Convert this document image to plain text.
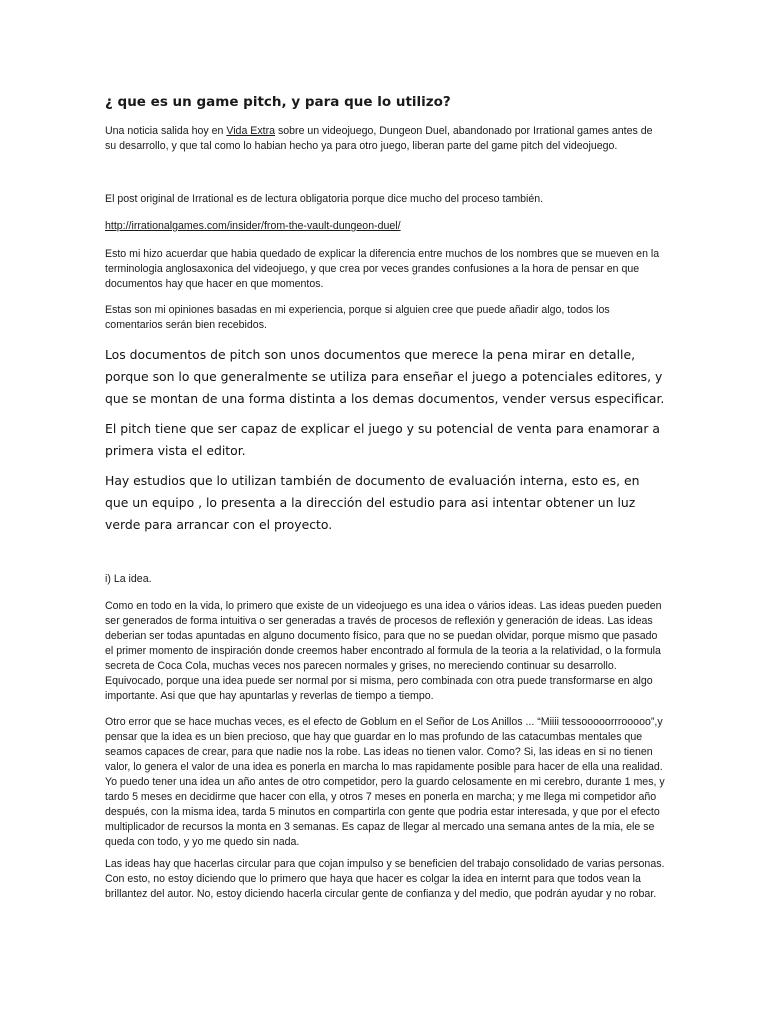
¿ que es un game pitch, y para que lo utilizo?

Una noticia salida hoy en Vida Extra sobre un videojuego, Dungeon Duel, abandonado por Irrational games antes de su desarrollo, y que tal como lo habian hecho ya para otro juego, liberan parte del game pitch del videojuego.

El post original de Irrational es de lectura obligatoria porque dice mucho del proceso también.

http://irrationalgames.com/insider/from-the-vault-dungeon-duel/

Esto mi hizo acuerdar que habia quedado de explicar la diferencia entre muchos de los nombres que se mueven en la terminologia anglosaxonica del videojuego, y que crea por veces grandes confusiones a la hora de pensar en que documentos hay que hacer en que momentos.

Estas son mi opiniones basadas en mi experiencia, porque si alguien cree que puede añadir algo, todos los comentarios serán bien recebidos.

Los documentos de pitch son unos documentos que merece la pena mirar en detalle, porque son lo que generalmente se utiliza para enseñar el juego a potenciales editores, y que se montan de una forma distinta a los demas documentos, vender versus especificar.

El pitch tiene que ser capaz de explicar el juego y su potencial de venta para enamorar a primera vista el editor.

Hay estudios que lo utilizan también de documento de evaluación interna, esto es, en que un equipo , lo presenta a la dirección del estudio para asi intentar obtener un luz verde para arrancar con el proyecto.

i) La idea.

Como en todo en la vida, lo primero que existe de un videojuego es una idea o vários ideas. Las ideas pueden pueden ser generados de forma intuitiva o ser generadas a través de procesos de reflexión y generación de ideas. Las ideas deberian ser todas apuntadas en alguno documento físico, para que no se puedan olvidar, porque mismo que pasado el primer momento de inspiración donde creemos haber encontrado al formula de la teoria a la relatividad, o la formula secreta de Coca Cola, muchas veces nos parecen normales y grises, no mereciendo continuar su desarrollo. Equivocado, porque una idea puede ser normal por si misma, pero combinada con otra puede transformarse en algo importante. Asi que que hay apuntarlas y reverlas de tiempo a tiempo.

Otro error que se hace muchas veces, es el efecto de Goblum en el Señor de Los Anillos ... “Miiii tessooooorrrooooo”,y pensar que la idea es un bien precioso, que hay que guardar en lo mas profundo de las catacumbas mentales que seamos capaces de crear, para que nadie nos la robe. Las ideas no tienen valor. Como? Si, las ideas en si no tienen valor, lo genera el valor de una idea es ponerla en marcha lo mas rapidamente posible para hacer de ella una realidad. Yo puedo tener una idea un año antes de otro competidor, pero la guardo celosamente en mi cerebro, durante 1 mes, y tardo 5 meses en decidirme que hacer con ella, y otros 7 meses en ponerla en marcha; y me llega mi competidor año después, con la misma idea, tarda 5 minutos en compartirla con gente que podria estar interesada, y que por el efecto multiplicador de recursos la monta en 3 semanas. Es capaz de llegar al mercado una semana antes de la mia, ele se queda con todo, y yo me quedo sin nada.

Las ideas hay que hacerlas circular para que cojan impulso y se beneficien del trabajo consolidado de varias personas. Con esto, no estoy diciendo que lo primero que haya que hacer es colgar la idea en internt para que todos vean la brillantez del autor. No, estoy diciendo hacerla circular gente de confianza y del medio, que podrán ayudar y no robar.
